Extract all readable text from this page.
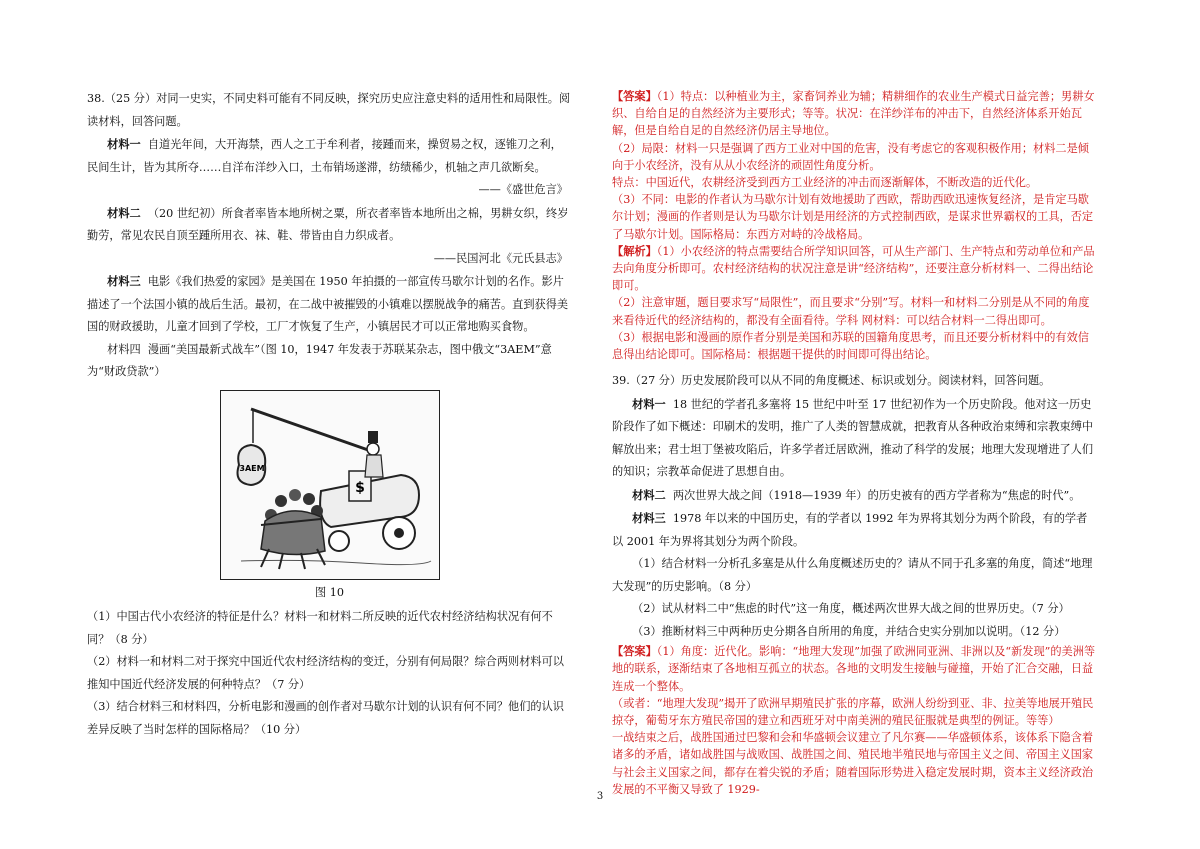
38.（25 分）对同一史实，不同史料可能有不同反映，探究历史应注意史料的适用性和局限性。阅读材料，回答问题。

材料一 自道光年间，大开海禁，西人之工于牟利者，接踵而来，操贸易之权，逐锥刀之利，民间生计，皆为其所夺……自洋布洋纱入口，土布销场遂滞，纺绩稀少，机轴之声几欲断矣。

——《盛世危言》

材料二 （20 世纪初）所食者率皆本地所树之粟，所衣者率皆本地所出之棉，男耕女织，终岁勤劳，常见农民自顶至踵所用衣、袜、鞋、带皆由自力织成者。

——民国河北《元氏县志》

材料三 电影《我们热爱的家园》是美国在 1950 年拍摄的一部宣传马歇尔计划的名作。影片描述了一个法国小镇的战后生活。最初，在二战中被摧毁的小镇难以摆脱战争的痛苦。直到获得美国的财政援助，儿童才回到了学校，工厂才恢复了生产，小镇居民才可以正常地购买食物。

材料四 漫画“美国最新式战车”（图 10，1947 年发表于苏联某杂志，图中俄文“3AEM”意为“财政贷款”）

3AEM
$

图 10

（1）中国古代小农经济的特征是什么？材料一和材料二所反映的近代农村经济结构状况有何不同？（8 分）

（2）材料一和材料二对于探究中国近代农村经济结构的变迁，分别有何局限？综合两则材料可以推知中国近代经济发展的何种特点？（7 分）

（3）结合材料三和材料四，分析电影和漫画的创作者对马歇尔计划的认识有何不同？他们的认识差异反映了当时怎样的国际格局？（10 分）

【答案】（1）特点：以种植业为主，家畜饲养业为辅；精耕细作的农业生产模式日益完善；男耕女织、自给自足的自然经济为主要形式；等等。状况：在洋纱洋布的冲击下，自然经济体系开始瓦解，但是自给自足的自然经济仍居主导地位。

（2）局限：材料一只是强调了西方工业对中国的危害，没有考虑它的客观积极作用；材料二是倾向于小农经济，没有从从小农经济的顽固性角度分析。

特点：中国近代，农耕经济受到西方工业经济的冲击而逐渐解体，不断改造的近代化。

（3）不同：电影的作者认为马歇尔计划有效地援助了西欧，帮助西欧迅速恢复经济，是肯定马歇尔计划；漫画的作者则是认为马歇尔计划是用经济的方式控制西欧，是谋求世界霸权的工具，否定了马歇尔计划。国际格局：东西方对峙的冷战格局。

【解析】（1）小农经济的特点需要结合所学知识回答，可从生产部门、生产特点和劳动单位和产品去向角度分析即可。农村经济结构的状况注意是讲“经济结构”，还要注意分析材料一、二得出结论即可。

（2）注意审题，题目要求写“局限性”，而且要求“分别”写。材料一和材料二分别是从不同的角度来看待近代的经济结构的，都没有全面看待。学科 网材料：可以结合材料一二得出即可。

（3）根据电影和漫画的原作者分别是美国和苏联的国籍角度思考，而且还要分析材料中的有效信息得出结论即可。国际格局：根据题干提供的时间即可得出结论。

39.（27 分）历史发展阶段可以从不同的角度概述、标识或划分。阅读材料，回答问题。

材料一 18 世纪的学者孔多塞将 15 世纪中叶至 17 世纪初作为一个历史阶段。他对这一历史阶段作了如下概述：印刷术的发明，推广了人类的智慧成就，把教育从各种政治束缚和宗教束缚中解放出来；君士坦丁堡被攻陷后，许多学者迁居欧洲，推动了科学的发展；地理大发现增进了人们的知识；宗教革命促进了思想自由。

材料二 两次世界大战之间（1918—1939 年）的历史被有的西方学者称为“焦虑的时代”。

材料三 1978 年以来的中国历史，有的学者以 1992 年为界将其划分为两个阶段，有的学者以 2001 年为界将其划分为两个阶段。

（1）结合材料一分析孔多塞是从什么角度概述历史的？请从不同于孔多塞的角度，简述“地理大发现”的历史影响。（8 分）

（2）试从材料二中“焦虑的时代”这一角度，概述两次世界大战之间的世界历史。（7 分）

（3）推断材料三中两种历史分期各自所用的角度，并结合史实分别加以说明。（12 分）

【答案】（1）角度：近代化。影响：“地理大发现”加强了欧洲同亚洲、非洲以及“新发现”的美洲等地的联系，逐渐结束了各地相互孤立的状态。各地的文明发生接触与碰撞，开始了汇合交融，日益连成一个整体。

（或者：“地理大发现”揭开了欧洲早期殖民扩张的序幕，欧洲人纷纷到亚、非、拉美等地展开殖民掠夺，葡萄牙东方殖民帝国的建立和西班牙对中南美洲的殖民征服就是典型的例证。等等）

一战结束之后，战胜国通过巴黎和会和华盛顿会议建立了凡尔赛——华盛顿体系，该体系下隐含着诸多的矛盾，诸如战胜国与战败国、战胜国之间、殖民地半殖民地与帝国主义之间、帝国主义国家与社会主义国家之间，都存在着尖锐的矛盾；随着国际形势进入稳定发展时期，资本主义经济政治发展的不平衡又导致了 1929-

3
